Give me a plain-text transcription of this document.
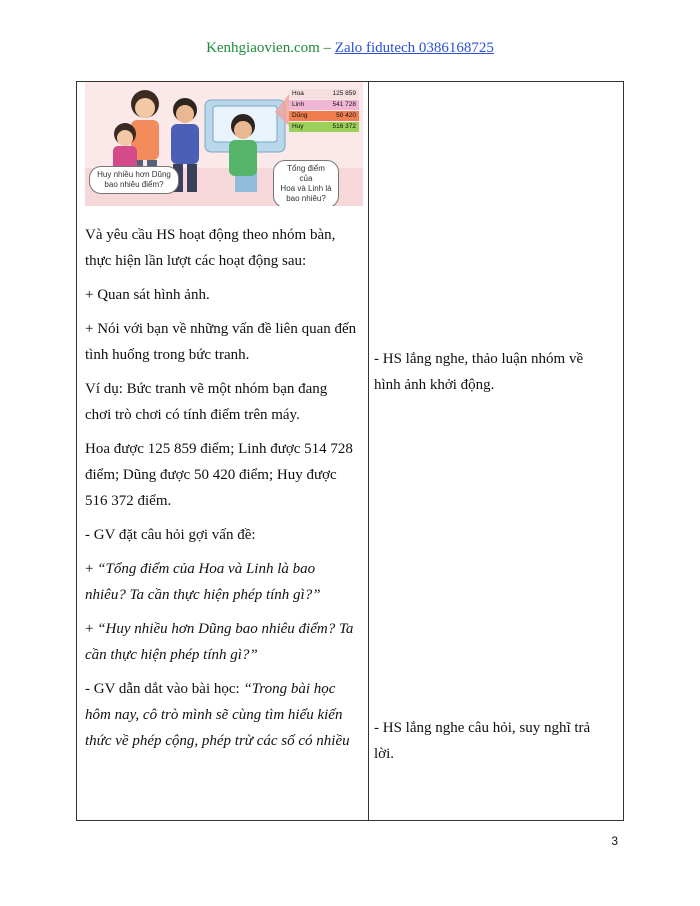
Kenhgiaovien.com – Zalo fidutech 0386168725
Huy nhiều hơn Dũng
bao nhiêu điểm?
Tổng điểm của
Hoa và Linh là
bao nhiêu?
Hoa	125 859
Linh	541 728
Dũng	50 420
Huy	516 372

Và yêu cầu HS hoạt động theo nhóm bàn,

thực hiện lần lượt các hoạt động sau:

+ Quan sát hình ảnh.

+ Nói với bạn về những vấn đề liên quan đến

tình huống trong bức tranh.

Ví dụ: Bức tranh vẽ một nhóm bạn đang

chơi trò chơi có tính điểm trên máy.

Hoa được 125 859 điểm; Linh được 514 728

điểm; Dũng được 50 420 điểm; Huy được

516 372 điểm.

- GV đặt câu hỏi gợi vấn đề:

+ “Tổng điểm của Hoa và Linh là bao

nhiêu? Ta cần thực hiện phép tính gì?”

+ “Huy nhiều hơn Dũng bao nhiêu điểm? Ta

cần thực hiện phép tính gì?”

- GV dẫn dắt vào bài học: “Trong bài học

hôm nay, cô trò mình sẽ cùng tìm hiểu kiến

thức về phép cộng, phép trừ các số có nhiều

- HS lắng nghe, thảo luận nhóm về

hình ảnh khởi động.

- HS lắng nghe câu hỏi, suy nghĩ trả

lời.

3
